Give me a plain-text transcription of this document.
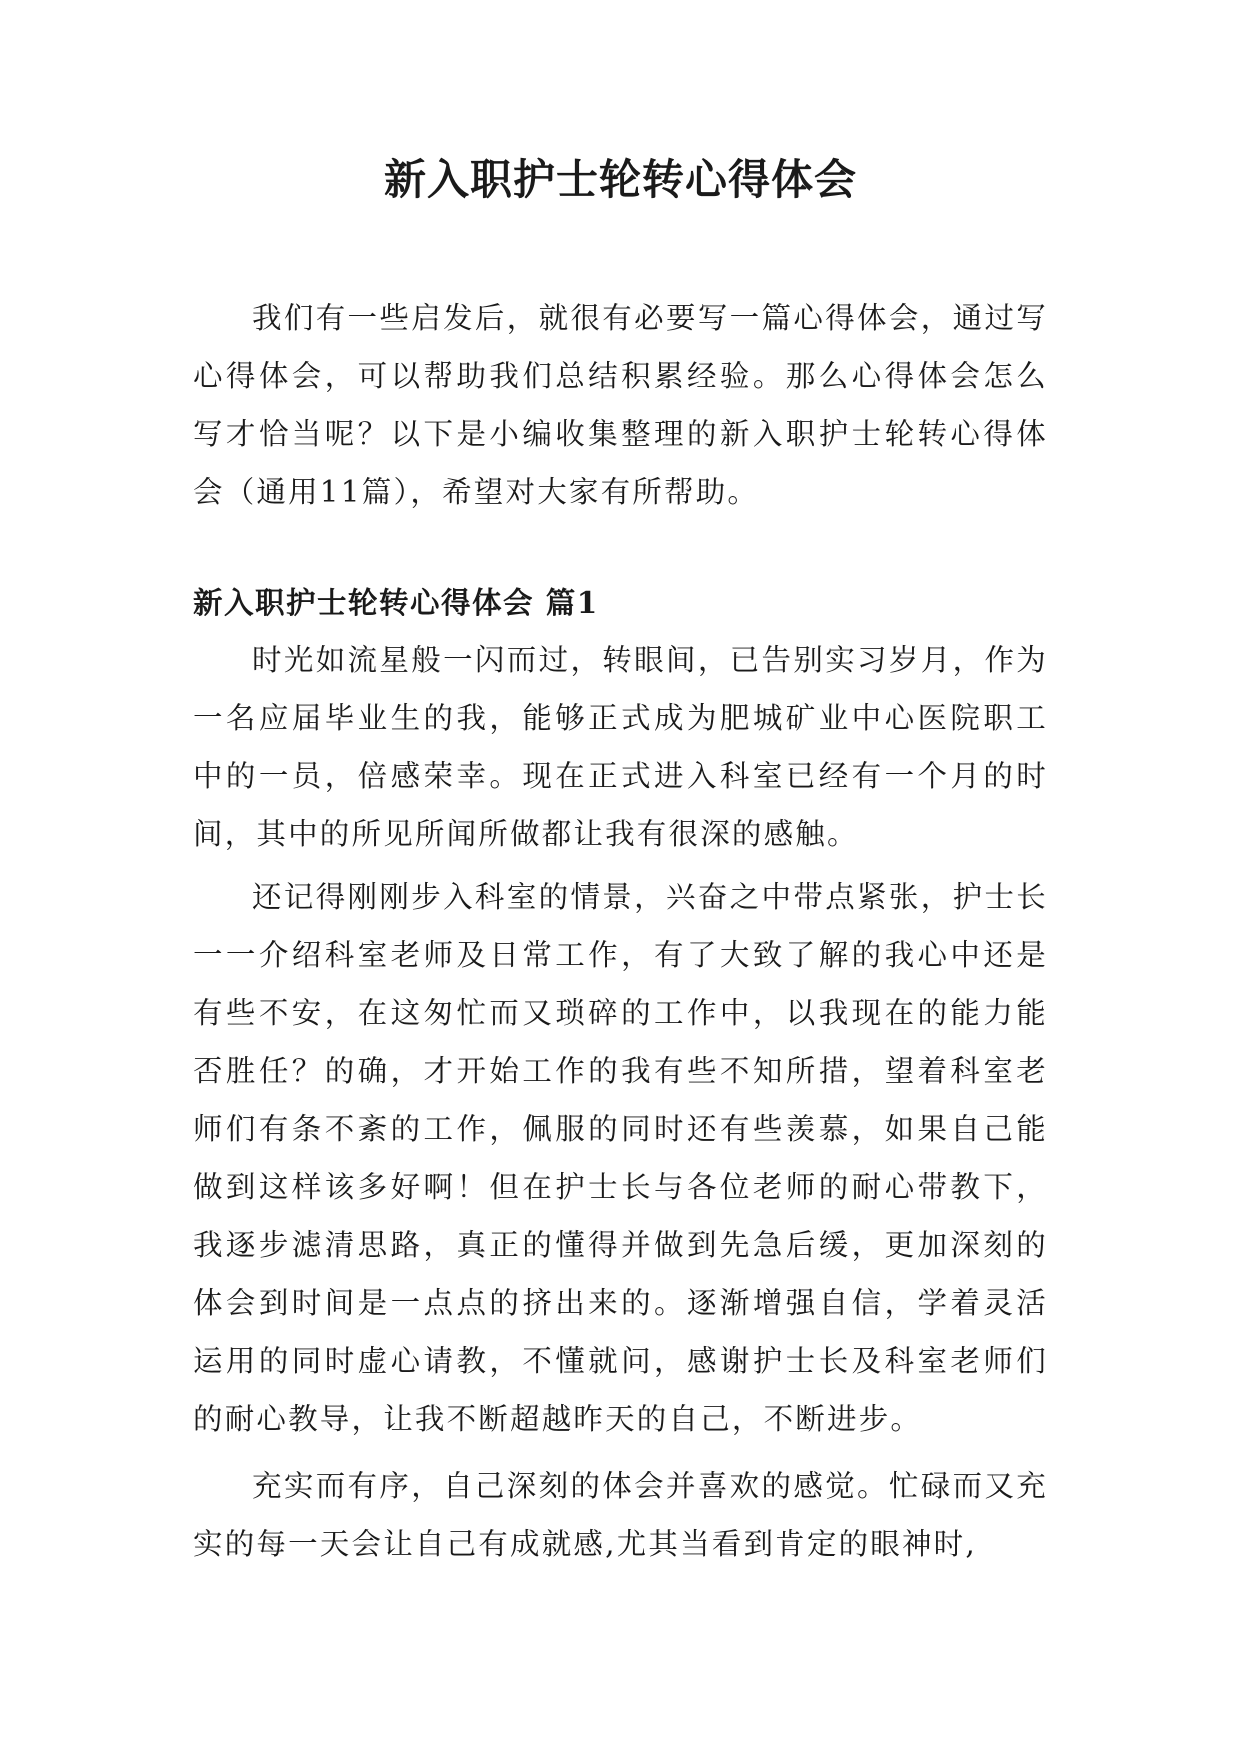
新入职护士轮转心得体会

我们有一些启发后，就很有必要写一篇心得体会，通过写心得体会，可以帮助我们总结积累经验。那么心得体会怎么写才恰当呢？以下是小编收集整理的新入职护士轮转心得体会（通用11篇），希望对大家有所帮助。

新入职护士轮转心得体会 篇1

时光如流星般一闪而过，转眼间，已告别实习岁月，作为一名应届毕业生的我，能够正式成为肥城矿业中心医院职工中的一员，倍感荣幸。现在正式进入科室已经有一个月的时间，其中的所见所闻所做都让我有很深的感触。

还记得刚刚步入科室的情景，兴奋之中带点紧张，护士长一一介绍科室老师及日常工作，有了大致了解的我心中还是有些不安，在这匆忙而又琐碎的工作中，以我现在的能力能否胜任？的确，才开始工作的我有些不知所措，望着科室老师们有条不紊的工作，佩服的同时还有些羡慕，如果自己能做到这样该多好啊！但在护士长与各位老师的耐心带教下，我逐步滤清思路，真正的懂得并做到先急后缓，更加深刻的体会到时间是一点点的挤出来的。逐渐增强自信，学着灵活运用的同时虚心请教，不懂就问，感谢护士长及科室老师们的耐心教导，让我不断超越昨天的自己，不断进步。

充实而有序，自己深刻的体会并喜欢的感觉。忙碌而又充实的每一天会让自己有成就感,尤其当看到肯定的眼神时,
